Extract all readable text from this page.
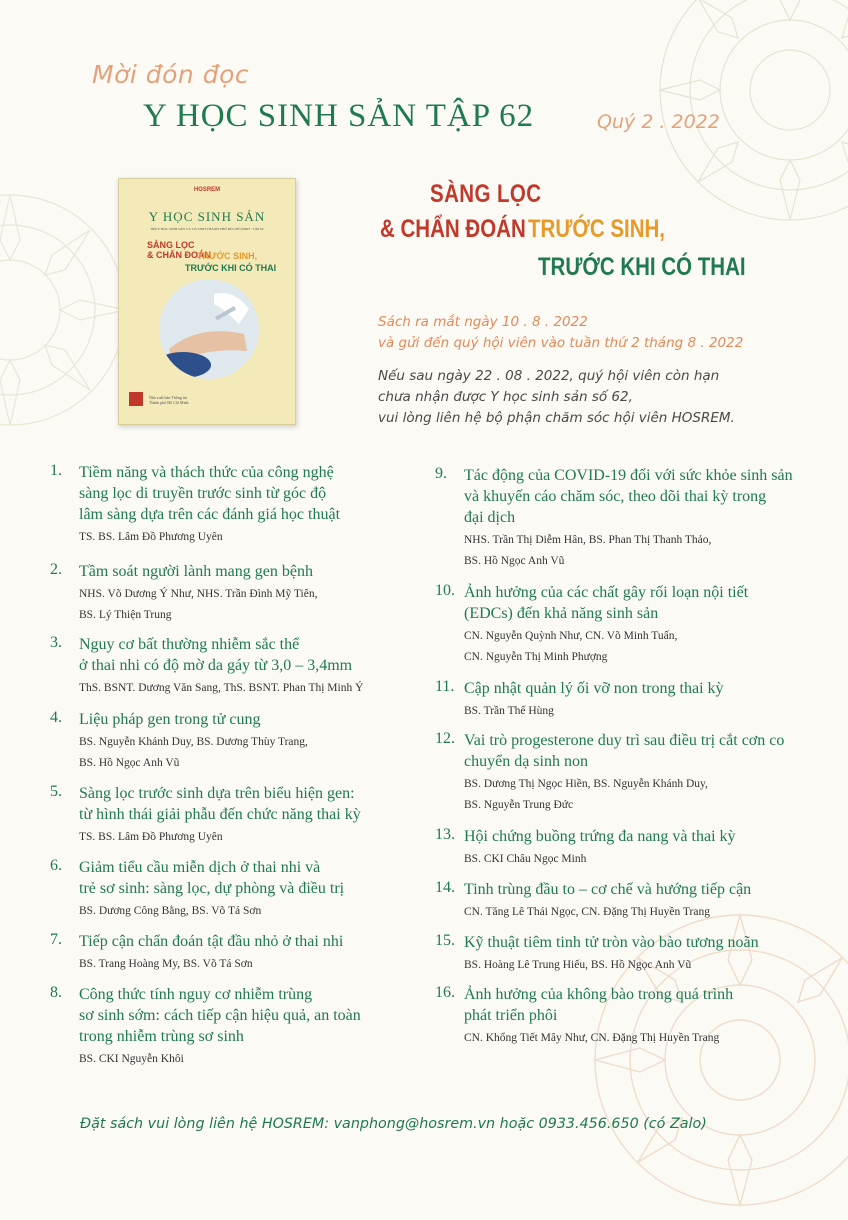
Mời đón đọc
Y HỌC SINH SẢN TẬP 62	Quý 2 . 2022
HOSREM
Y HỌC SINH SẢN
HỘI Y HỌC SINH SẢN VÀ VÔ SINH THÀNH PHỐ HỒ CHÍ MINH · TẬP 62
SÀNG LỌC
& CHẨN ĐOÁN
TRƯỚC SINH,
TRƯỚC KHI CÓ THAI
Nhà xuất bản Thông tin
Thành phố Hồ Chí Minh
SÀNG LỌC
& CHẨN ĐOÁN TRƯỚC SINH,
TRƯỚC KHI CÓ THAI
Sách ra mắt ngày 10 . 8 . 2022
và gửi đến quý hội viên vào tuần thứ 2 tháng 8 . 2022
Nếu sau ngày 22 . 08 . 2022, quý hội viên còn hạn
chưa nhận được Y học sinh sản số 62,
vui lòng liên hệ bộ phận chăm sóc hội viên HOSREM.
1. Tiềm năng và thách thức của công nghệ
sàng lọc di truyền trước sinh từ góc độ
lâm sàng dựa trên các đánh giá học thuật
TS. BS. Lâm Đồ Phương Uyên
2. Tầm soát người lành mang gen bệnh
NHS. Võ Dương Ý Như, NHS. Trần Đình Mỹ Tiên,
BS. Lý Thiện Trung
3. Nguy cơ bất thường nhiễm sắc thể
ở thai nhi có độ mờ da gáy từ 3,0 – 3,4mm
ThS. BSNT. Dương Văn Sang, ThS. BSNT. Phan Thị Minh Ý
4. Liệu pháp gen trong tử cung
BS. Nguyễn Khánh Duy, BS. Dương Thùy Trang,
BS. Hồ Ngọc Anh Vũ
5. Sàng lọc trước sinh dựa trên biểu hiện gen:
từ hình thái giải phẫu đến chức năng thai kỳ
TS. BS. Lâm Đồ Phương Uyên
6. Giảm tiểu cầu miễn dịch ở thai nhi và
trẻ sơ sinh: sàng lọc, dự phòng và điều trị
BS. Dương Công Bằng, BS. Võ Tá Sơn
7. Tiếp cận chẩn đoán tật đầu nhỏ ở thai nhi
BS. Trang Hoàng My, BS. Võ Tá Sơn
8. Công thức tính nguy cơ nhiễm trùng
sơ sinh sớm: cách tiếp cận hiệu quả, an toàn
trong nhiễm trùng sơ sinh
BS. CKI Nguyễn Khôi
9. Tác động của COVID-19 đối với sức khỏe sinh sản
và khuyến cáo chăm sóc, theo dõi thai kỳ trong
đại dịch
NHS. Trần Thị Diễm Hân, BS. Phan Thị Thanh Thảo,
BS. Hồ Ngọc Anh Vũ
10. Ảnh hưởng của các chất gây rối loạn nội tiết
(EDCs) đến khả năng sinh sản
CN. Nguyễn Quỳnh Như, CN. Võ Minh Tuấn,
CN. Nguyễn Thị Minh Phượng
11. Cập nhật quản lý ối vỡ non trong thai kỳ
BS. Trần Thế Hùng
12. Vai trò progesterone duy trì sau điều trị cắt cơn co
chuyển dạ sinh non
BS. Dương Thị Ngọc Hiền, BS. Nguyễn Khánh Duy,
BS. Nguyễn Trung Đức
13. Hội chứng buồng trứng đa nang và thai kỳ
BS. CKI Châu Ngọc Minh
14. Tinh trùng đầu to – cơ chế và hướng tiếp cận
CN. Tăng Lê Thái Ngọc, CN. Đặng Thị Huyền Trang
15. Kỹ thuật tiêm tinh tử tròn vào bào tương noãn
BS. Hoàng Lê Trung Hiếu, BS. Hồ Ngọc Anh Vũ
16. Ảnh hưởng của không bào trong quá trình
phát triển phôi
CN. Khổng Tiết Mây Như, CN. Đặng Thị Huyền Trang
Đặt sách vui lòng liên hệ HOSREM: vanphong@hosrem.vn hoặc 0933.456.650 (có Zalo)
